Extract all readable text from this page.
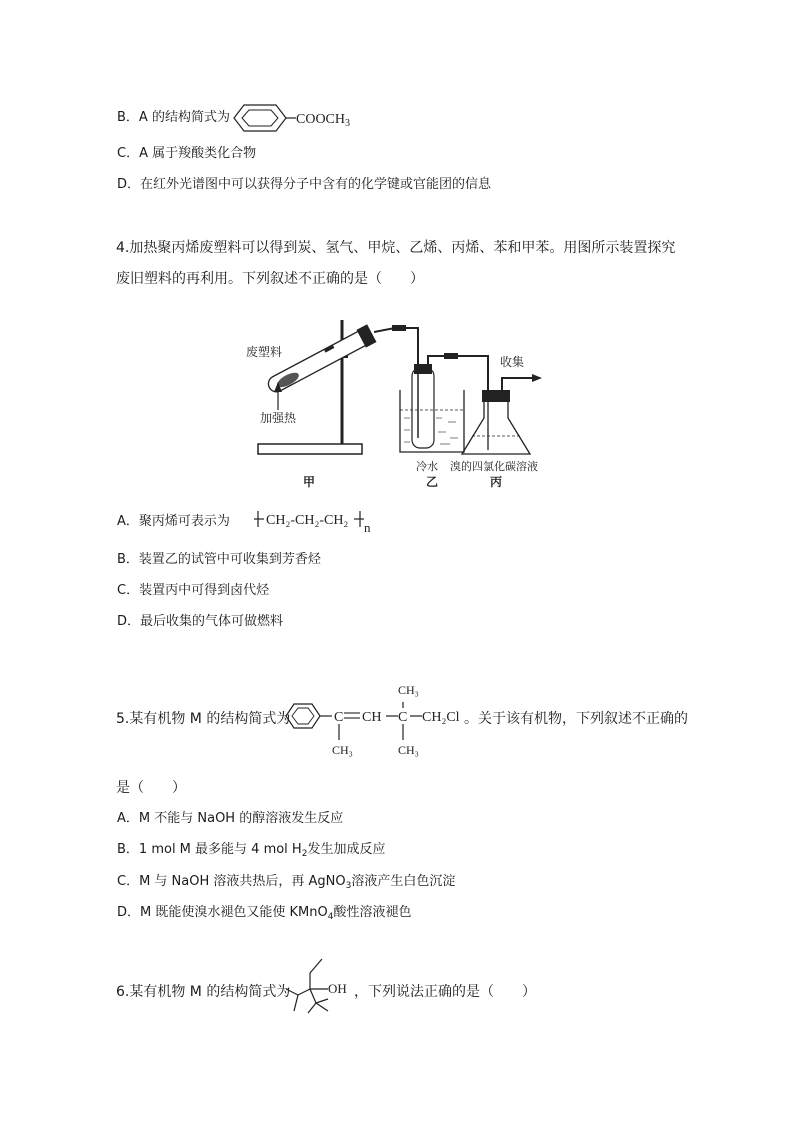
B．A 的结构简式为	$COOCH_3$
C．A 属于羧酸类化合物
D．在红外光谱图中可以获得分子中含有的化学键或官能团的信息
4.加热聚丙烯废塑料可以得到炭、氢气、甲烷、乙烯、丙烯、苯和甲苯。用图所示装置探究
废旧塑料的再利用。下列叙述不正确的是（　　）
废塑料
加强热
收集
冷水 溴的四氯化碳溶液
甲	乙	丙
A．聚丙烯可表示为	CH₂-CH₂-CH₂ n
B．装置乙的试管中可收集到芳香烃
C．装置丙中可得到卤代烃
D．最后收集的气体可做燃料
5.某有机物 M 的结构简式为	C CH C CH₂Cl
CH₃
CH₃
CH₃
。关于该有机物，下列叙述不正确的
是（　　）
A．M 不能与 NaOH 的醇溶液发生反应
B．1 mol M 最多能与 4 mol $H_2$发生加成反应
C．M 与 NaOH 溶液共热后，再 AgNO$_3$溶液产生白色沉淀
D．M 既能使溴水褪色又能使 KMnO$_4$酸性溶液褪色
6.某有机物 M 的结构简式为	OH ，下列说法正确的是（　　）
